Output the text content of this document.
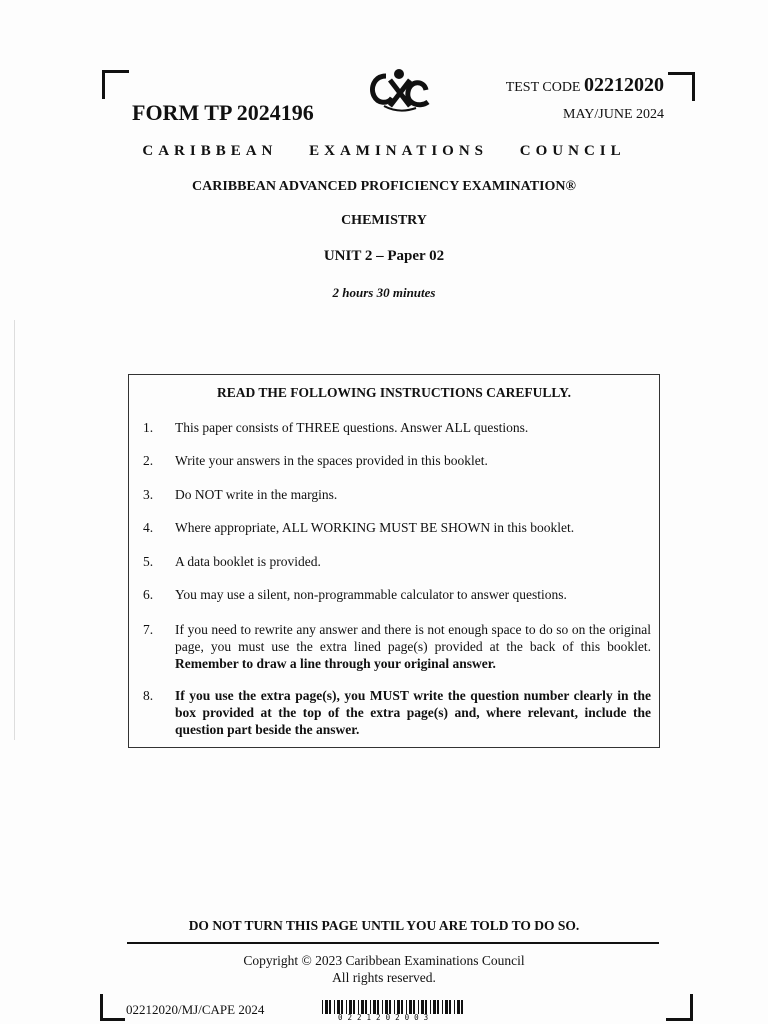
FORM TP 2024196
TEST CODE 02212020
MAY/JUNE 2024
CARIBBEAN EXAMINATIONS COUNCIL
CARIBBEAN ADVANCED PROFICIENCY EXAMINATION®
CHEMISTRY
UNIT 2 – Paper 02
2 hours 30 minutes
READ THE FOLLOWING INSTRUCTIONS CAREFULLY.
1.	This paper consists of THREE questions. Answer ALL questions.
2.	Write your answers in the spaces provided in this booklet.
3.	Do NOT write in the margins.
4.	Where appropriate, ALL WORKING MUST BE SHOWN in this booklet.
5.	A data booklet is provided.
6.	You may use a silent, non-programmable calculator to answer questions.
7.	If you need to rewrite any answer and there is not enough space to do so on the original page, you must use the extra lined page(s) provided at the back of this booklet. Remember to draw a line through your original answer.
8.	If you use the extra page(s), you MUST write the question number clearly in the box provided at the top of the extra page(s) and, where relevant, include the question part beside the answer.
DO NOT TURN THIS PAGE UNTIL YOU ARE TOLD TO DO SO.
Copyright © 2023 Caribbean Examinations Council
All rights reserved.
02212020/MJ/CAPE 2024
0221202003
